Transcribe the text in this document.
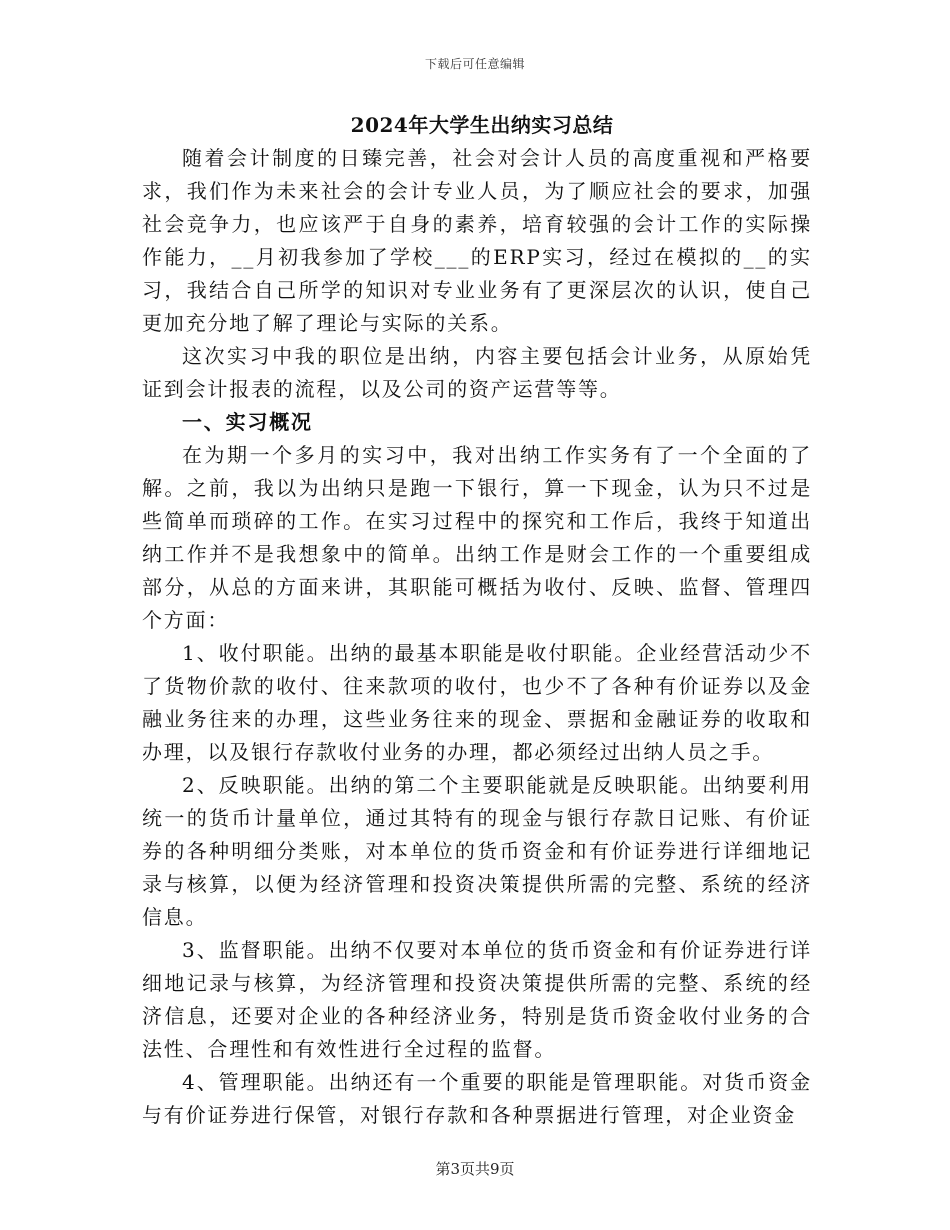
下载后可任意编辑
2024年大学生出纳实习总结

随着会计制度的日臻完善，社会对会计人员的高度重视和严格要求，我们作为未来社会的会计专业人员，为了顺应社会的要求，加强社会竞争力，也应该严于自身的素养，培育较强的会计工作的实际操作能力，__月初我参加了学校___的ERP实习，经过在模拟的__的实习，我结合自己所学的知识对专业业务有了更深层次的认识，使自己更加充分地了解了理论与实际的关系。

这次实习中我的职位是出纳，内容主要包括会计业务，从原始凭证到会计报表的流程，以及公司的资产运营等等。

一、实习概况

在为期一个多月的实习中，我对出纳工作实务有了一个全面的了解。之前，我以为出纳只是跑一下银行，算一下现金，认为只不过是些简单而琐碎的工作。在实习过程中的探究和工作后，我终于知道出纳工作并不是我想象中的简单。出纳工作是财会工作的一个重要组成部分，从总的方面来讲，其职能可概括为收付、反映、监督、管理四个方面：

1、收付职能。出纳的最基本职能是收付职能。企业经营活动少不了货物价款的收付、往来款项的收付，也少不了各种有价证券以及金融业务往来的办理，这些业务往来的现金、票据和金融证券的收取和办理，以及银行存款收付业务的办理，都必须经过出纳人员之手。

2、反映职能。出纳的第二个主要职能就是反映职能。出纳要利用统一的货币计量单位，通过其特有的现金与银行存款日记账、有价证券的各种明细分类账，对本单位的货币资金和有价证券进行详细地记录与核算，以便为经济管理和投资决策提供所需的完整、系统的经济信息。

3、监督职能。出纳不仅要对本单位的货币资金和有价证券进行详细地记录与核算，为经济管理和投资决策提供所需的完整、系统的经济信息，还要对企业的各种经济业务，特别是货币资金收付业务的合法性、合理性和有效性进行全过程的监督。

4、管理职能。出纳还有一个重要的职能是管理职能。对货币资金与有价证券进行保管，对银行存款和各种票据进行管理，对企业资金

第3页共9页
